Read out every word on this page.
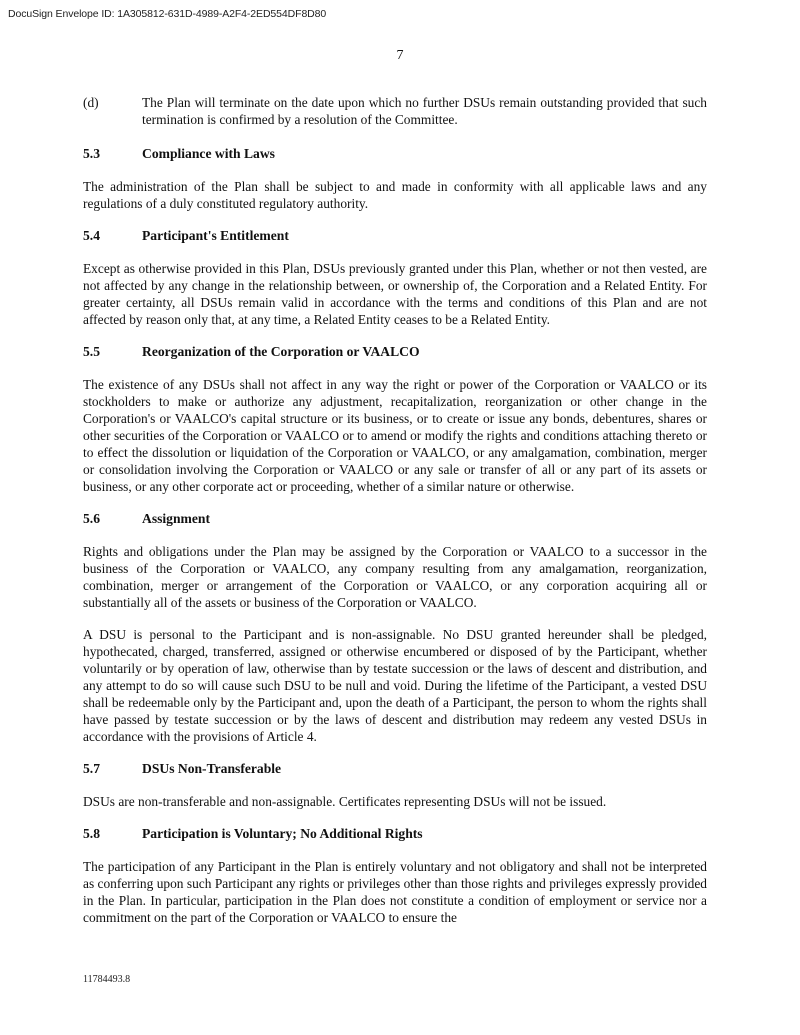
DocuSign Envelope ID: 1A305812-631D-4989-A2F4-2ED554DF8D80
7
(d)	The Plan will terminate on the date upon which no further DSUs remain outstanding provided that such termination is confirmed by a resolution of the Committee.
5.3	Compliance with Laws

The administration of the Plan shall be subject to and made in conformity with all applicable laws and any regulations of a duly constituted regulatory authority.

5.4	Participant's Entitlement

Except as otherwise provided in this Plan, DSUs previously granted under this Plan, whether or not then vested, are not affected by any change in the relationship between, or ownership of, the Corporation and a Related Entity. For greater certainty, all DSUs remain valid in accordance with the terms and conditions of this Plan and are not affected by reason only that, at any time, a Related Entity ceases to be a Related Entity.

5.5	Reorganization of the Corporation or VAALCO

The existence of any DSUs shall not affect in any way the right or power of the Corporation or VAALCO or its stockholders to make or authorize any adjustment, recapitalization, reorganization or other change in the Corporation's or VAALCO's capital structure or its business, or to create or issue any bonds, debentures, shares or other securities of the Corporation or VAALCO or to amend or modify the rights and conditions attaching thereto or to effect the dissolution or liquidation of the Corporation or VAALCO, or any amalgamation, combination, merger or consolidation involving the Corporation or VAALCO or any sale or transfer of all or any part of its assets or business, or any other corporate act or proceeding, whether of a similar nature or otherwise.

5.6	Assignment

Rights and obligations under the Plan may be assigned by the Corporation or VAALCO to a successor in the business of the Corporation or VAALCO, any company resulting from any amalgamation, reorganization, combination, merger or arrangement of the Corporation or VAALCO, or any corporation acquiring all or substantially all of the assets or business of the Corporation or VAALCO.

A DSU is personal to the Participant and is non-assignable. No DSU granted hereunder shall be pledged, hypothecated, charged, transferred, assigned or otherwise encumbered or disposed of by the Participant, whether voluntarily or by operation of law, otherwise than by testate succession or the laws of descent and distribution, and any attempt to do so will cause such DSU to be null and void. During the lifetime of the Participant, a vested DSU shall be redeemable only by the Participant and, upon the death of a Participant, the person to whom the rights shall have passed by testate succession or by the laws of descent and distribution may redeem any vested DSUs in accordance with the provisions of Article 4.

5.7	DSUs Non-Transferable

DSUs are non-transferable and non-assignable. Certificates representing DSUs will not be issued.

5.8	Participation is Voluntary; No Additional Rights

The participation of any Participant in the Plan is entirely voluntary and not obligatory and shall not be interpreted as conferring upon such Participant any rights or privileges other than those rights and privileges expressly provided in the Plan. In particular, participation in the Plan does not constitute a condition of employment or service nor a commitment on the part of the Corporation or VAALCO to ensure the

11784493.8
